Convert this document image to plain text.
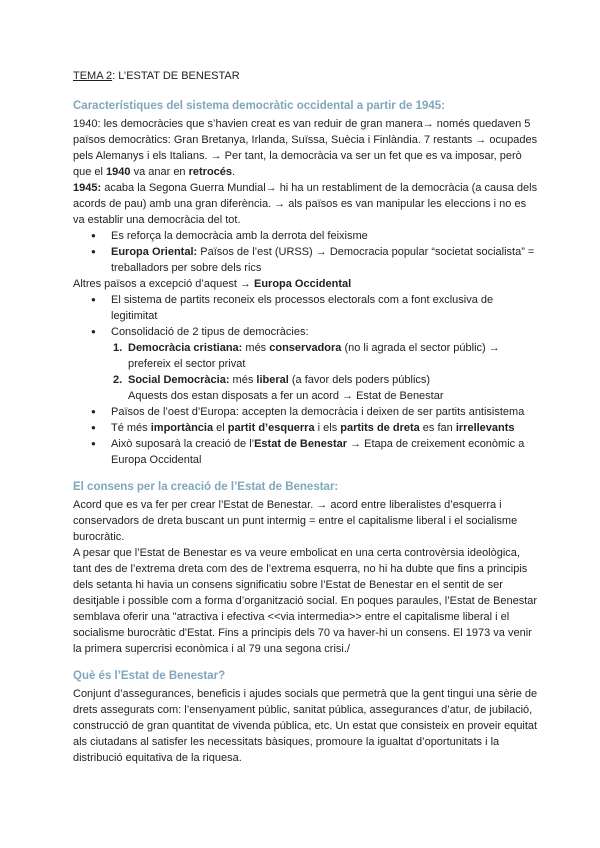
TEMA 2: L’ESTAT DE BENESTAR
Característiques del sistema democràtic occidental a partir de 1945:

1940: les democràcies que s’havien creat es van reduir de gran manera→ només quedaven 5 països democràtics: Gran Bretanya, Irlanda, Suïssa, Suècia i Finlàndia. 7 restants → ocupades pels Alemanys i els Italians. → Per tant, la democràcia va ser un fet que es va imposar, però que el 1940 va anar en retrocés.

1945: acaba la Segona Guerra Mundial→ hi ha un restabliment de la democràcia (a causa dels acords de pau) amb una gran diferència. → als països es van manipular les eleccions i no es va establir una democràcia del tot.

● Es reforça la democràcia amb la derrota del feixisme
● Europa Oriental: Països de l’est (URSS) → Democracia popular “societat socialista” = treballadors per sobre dels rics

Altres països a excepció d’aquest → Europa Occidental

● El sistema de partits reconeix els processos electorals com a font exclusiva de legitimitat
● Consolidació de 2 tipus de democràcies:
1. Democràcia cristiana: més conservadora (no li agrada el sector públic) → prefereix el sector privat
2. Social Democràcia: més liberal (a favor dels poders públics)
Aquests dos estan disposats a fer un acord → Estat de Benestar
● Països de l’oest d’Europa: accepten la democràcia i deixen de ser partits antisistema
● Té més importància el partit d’esquerra i els partits de dreta es fan irrellevants
● Això suposarà la creació de l’Estat de Benestar → Etapa de creixement econòmic a Europa Occidental
El consens per la creació de l’Estat de Benestar:

Acord que es va fer per crear l’Estat de Benestar. → acord entre liberalistes d’esquerra i conservadors de dreta buscant un punt intermig = entre el capitalisme liberal i el socialisme burocràtic.

A pesar que l’Estat de Benestar es va veure embolicat en una certa controvèrsia ideològica, tant des de l’extrema dreta com des de l’extrema esquerra, no hi ha dubte que fins a principis dels setanta hi havia un consens significatiu sobre l’Estat de Benestar en el sentit de ser desitjable i possible com a forma d’organització social. En poques paraules, l’Estat de Benestar semblava oferir una "atractiva i efectiva <<via intermedia>> entre el capitalisme liberal i el socialisme burocràtic d'Estat. Fins a principis dels 70 va haver-hi un consens. El 1973 va venir la primera supercrisi econòmica i al 79 una segona crisi./

Què és l’Estat de Benestar?

Conjunt d’assegurances, beneficis i ajudes socials que permetrà que la gent tingui una sèrie de drets assegurats com: l’ensenyament públic, sanitat pública, assegurances d’atur, de jubilació, construcció de gran quantitat de vivenda pública, etc. Un estat que consisteix en proveir equitat als ciutadans al satisfer les necessitats bàsiques, promoure la igualtat d’oportunitats i la distribució equitativa de la riquesa.
